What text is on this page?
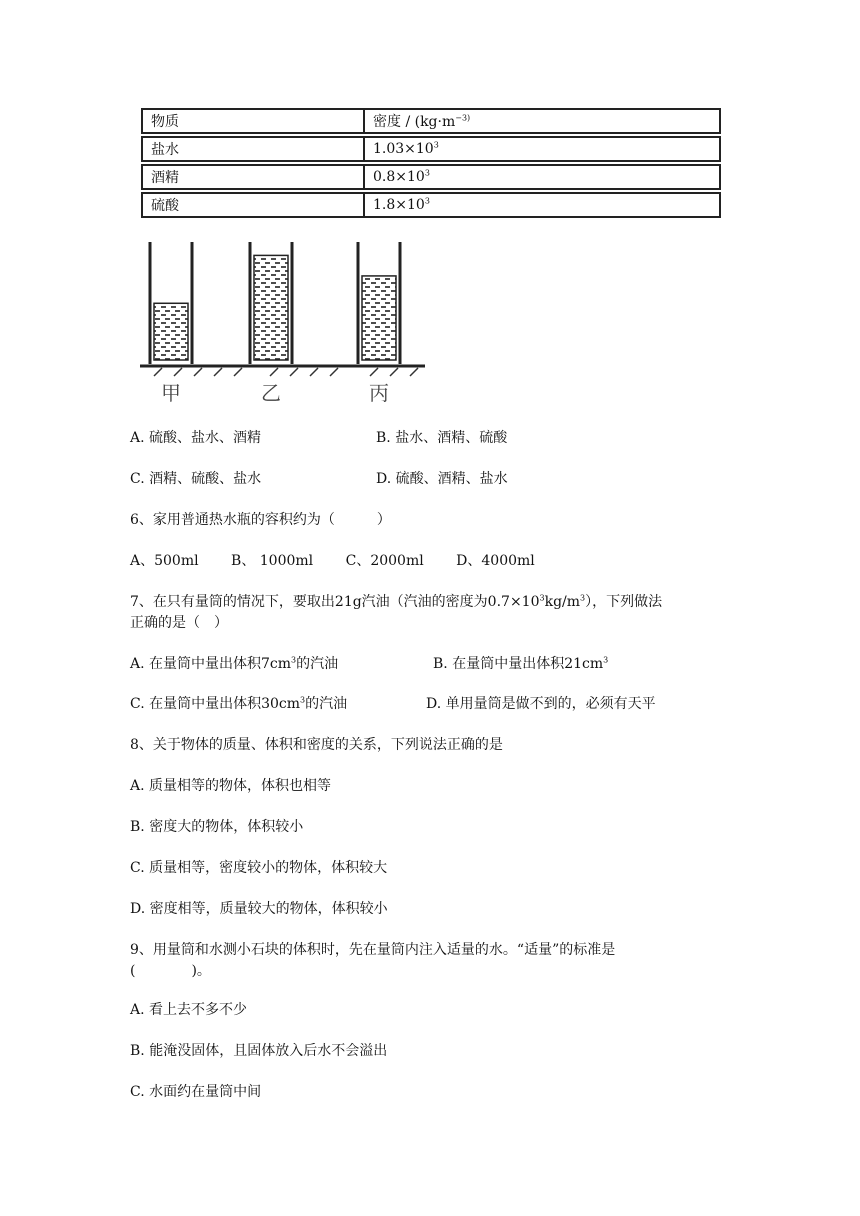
物质	密度 / ($kg\cdot m^{-3)}$
盐水	$1.03\times 10^3$
酒精	$0.8\times 10^3$
硫酸	$1.8\times 10^3$
甲	乙	丙
A. 硫酸、盐水、酒精	B. 盐水、酒精、硫酸
C. 酒精、硫酸、盐水	D. 硫酸、酒精、盐水
6、家用普通热水瓶的容积约为（　　　）
A、500ml　　 B、 1000ml　　 C、2000ml　　 D、4000ml
7、在只有量筒的情况下，要取出21g汽油（汽油的密度为$0.7\times 10^3kg/m^3$），下列做法
正确的是（　）
A. 在量筒中量出体积$7cm^3$的汽油	B. 在量筒中量出体积$21cm^3$
C. 在量筒中量出体积$30cm^3$的汽油	D. 单用量筒是做不到的，必须有天平
8、关于物体的质量、体积和密度的关系，下列说法正确的是
A. 质量相等的物体，体积也相等
B. 密度大的物体，体积较小
C. 质量相等，密度较小的物体，体积较大
D. 密度相等，质量较大的物体，体积较小
9、用量筒和水测小石块的体积时，先在量筒内注入适量的水。“适量”的标准是
(　　　　)。
A. 看上去不多不少
B. 能淹没固体，且固体放入后水不会溢出
C. 水面约在量筒中间
